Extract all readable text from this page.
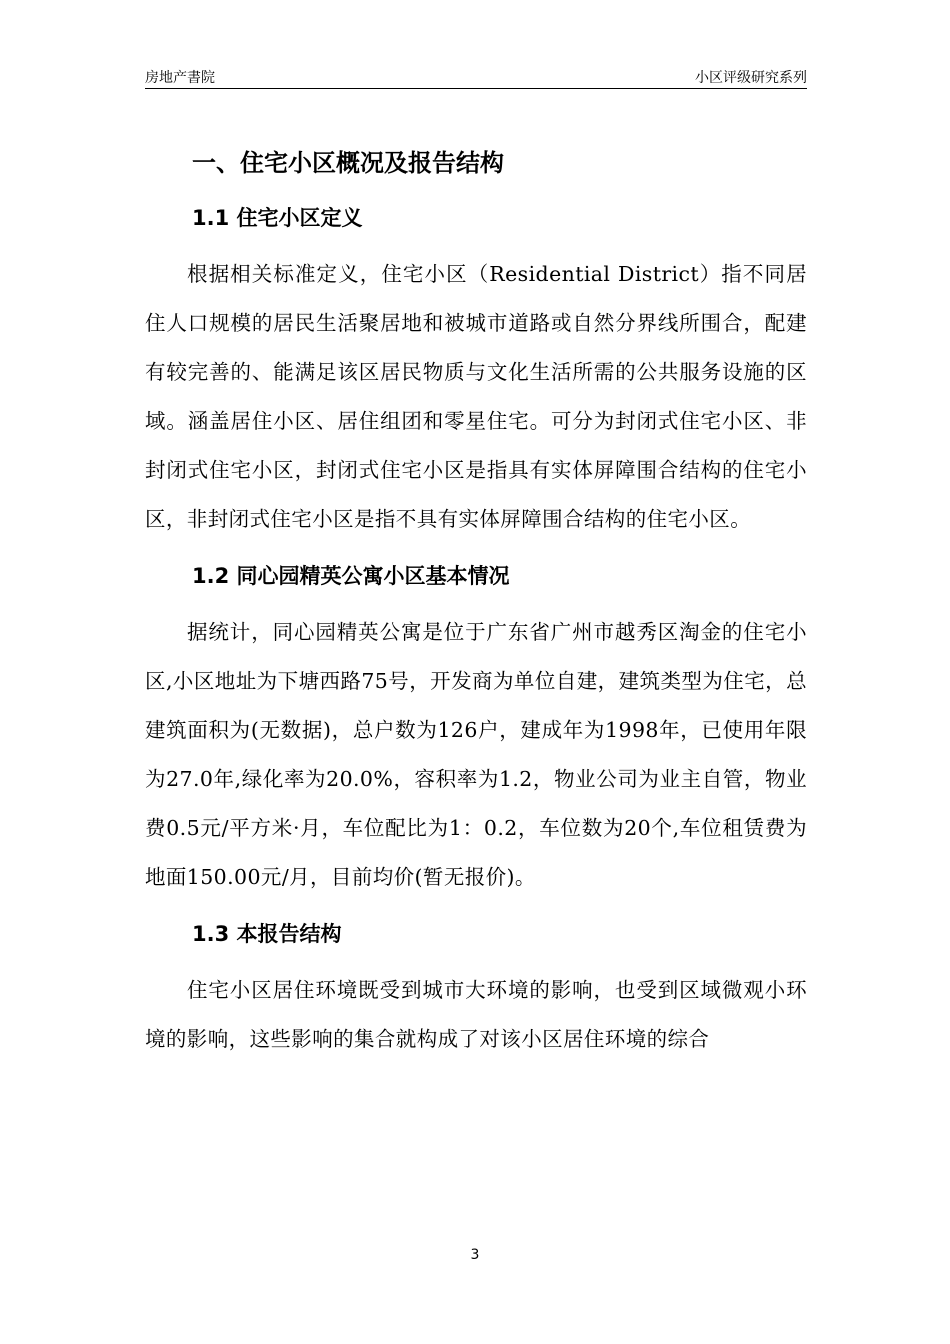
房地产書院	小区评级研究系列
一、住宅小区概况及报告结构
1.1 住宅小区定义

根据相关标准定义，住宅小区（Residential District）指不同居住人口规模的居民生活聚居地和被城市道路或自然分界线所围合，配建有较完善的、能满足该区居民物质与文化生活所需的公共服务设施的区域。涵盖居住小区、居住组团和零星住宅。可分为封闭式住宅小区、非封闭式住宅小区，封闭式住宅小区是指具有实体屏障围合结构的住宅小区，非封闭式住宅小区是指不具有实体屏障围合结构的住宅小区。

1.2 同心园精英公寓小区基本情况

据统计，同心园精英公寓是位于广东省广州市越秀区淘金的住宅小区,小区地址为下塘西路75号，开发商为单位自建，建筑类型为住宅，总建筑面积为(无数据)，总户数为126户，建成年为1998年，已使用年限为27.0年,绿化率为20.0%，容积率为1.2，物业公司为业主自管，物业费0.5元/平方米·月，车位配比为1：0.2，车位数为20个,车位租赁费为地面150.00元/月，目前均价(暂无报价)。

1.3 本报告结构

住宅小区居住环境既受到城市大环境的影响，也受到区域微观小环境的影响，这些影响的集合就构成了对该小区居住环境的综合

3
